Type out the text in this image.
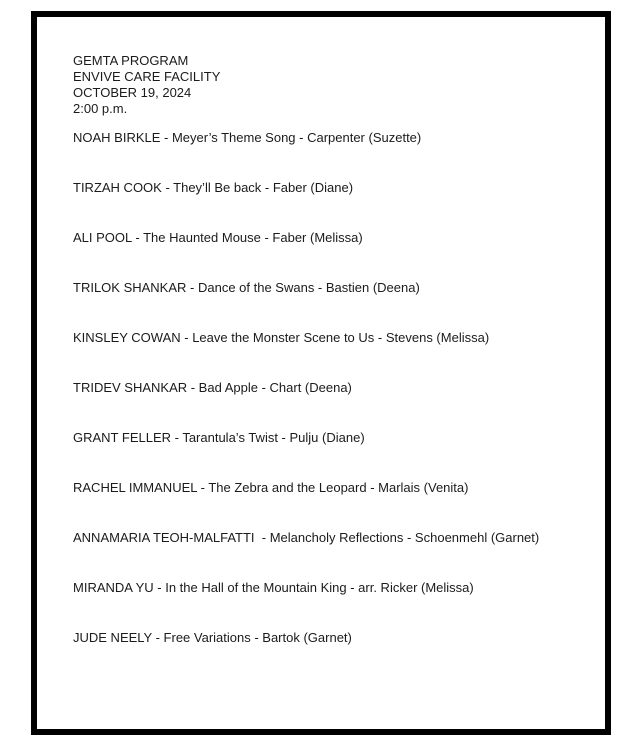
GEMTA PROGRAM
ENVIVE CARE FACILITY
OCTOBER 19, 2024
2:00 p.m.
NOAH BIRKLE - Meyer’s Theme Song - Carpenter (Suzette)
TIRZAH COOK - They’ll Be back - Faber (Diane)
ALI POOL - The Haunted Mouse - Faber (Melissa)
TRILOK SHANKAR - Dance of the Swans - Bastien (Deena)
KINSLEY COWAN - Leave the Monster Scene to Us - Stevens (Melissa)
TRIDEV SHANKAR - Bad Apple - Chart (Deena)
GRANT FELLER - Tarantula’s Twist - Pulju (Diane)
RACHEL IMMANUEL - The Zebra and the Leopard - Marlais (Venita)
ANNAMARIA TEOH-MALFATTI  - Melancholy Reflections - Schoenmehl (Garnet)
MIRANDA YU - In the Hall of the Mountain King - arr. Ricker (Melissa)
JUDE NEELY - Free Variations - Bartok (Garnet)
